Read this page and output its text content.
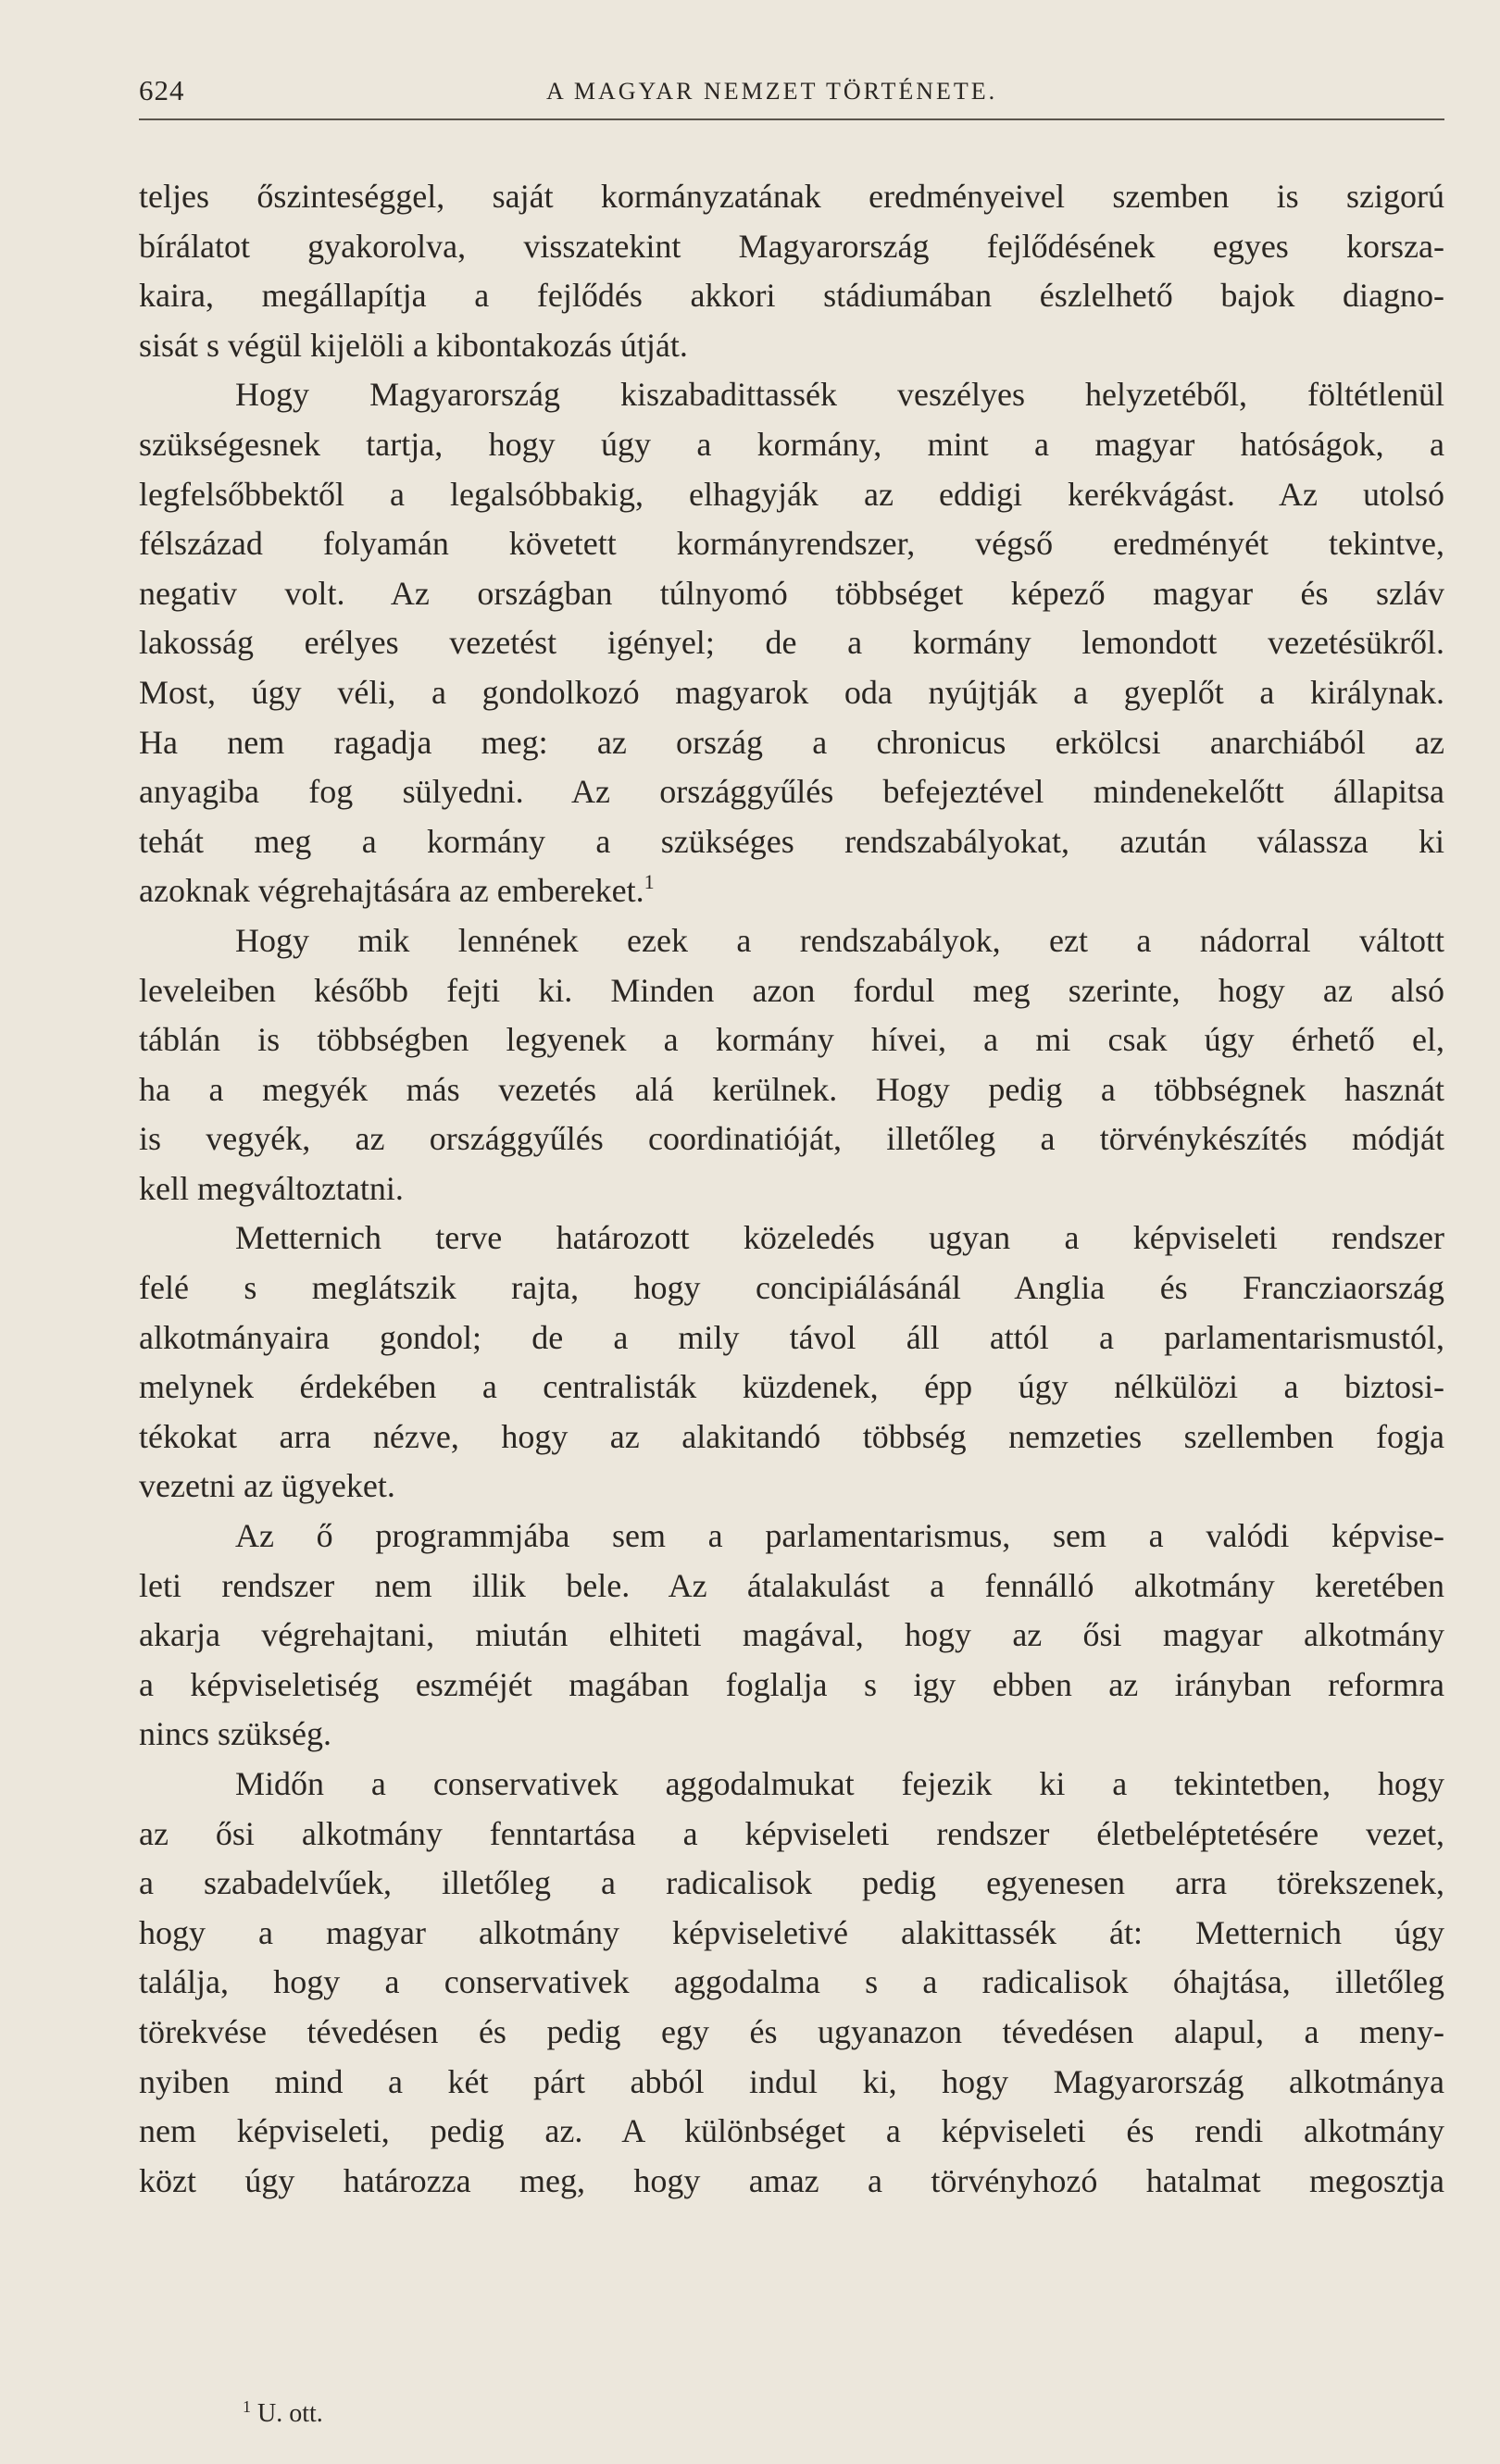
624	A MAGYAR NEMZET TÖRTÉNETE.
teljes őszinteséggel, saját kormányzatának eredményeivel szemben is szigorú
bírálatot gyakorolva, visszatekint Magyarország fejlődésének egyes korsza-
kaira, megállapítja a fejlődés akkori stádiumában észlelhető bajok diagno-
sisát s végül kijelöli a kibontakozás útját.
Hogy Magyarország kiszabadittassék veszélyes helyzetéből, föltétlenül
szükségesnek tartja, hogy úgy a kormány, mint a magyar hatóságok, a
legfelsőbbektől a legalsóbbakig, elhagyják az eddigi kerékvágást. Az utolsó
félszázad folyamán követett kormányrendszer, végső eredményét tekintve,
negativ volt. Az országban túlnyomó többséget képező magyar és szláv
lakosság erélyes vezetést igényel; de a kormány lemondott vezetésükről.
Most, úgy véli, a gondolkozó magyarok oda nyújtják a gyeplőt a királynak.
Ha nem ragadja meg: az ország a chronicus erkölcsi anarchiából az
anyagiba fog sülyedni. Az országgyűlés befejeztével mindenekelőtt állapitsa
tehát meg a kormány a szükséges rendszabályokat, azután válassza ki
azoknak végrehajtására az embereket.$^1$
Hogy mik lennének ezek a rendszabályok, ezt a nádorral váltott
leveleiben később fejti ki. Minden azon fordul meg szerinte, hogy az alsó
táblán is többségben legyenek a kormány hívei, a mi csak úgy érhető el,
ha a megyék más vezetés alá kerülnek. Hogy pedig a többségnek hasznát
is vegyék, az országgyűlés coordinatióját, illetőleg a törvénykészítés módját
kell megváltoztatni.
Metternich terve határozott közeledés ugyan a képviseleti rendszer
felé s meglátszik rajta, hogy concipiálásánál Anglia és Francziaország
alkotmányaira gondol; de a mily távol áll attól a parlamentarismustól,
melynek érdekében a centralisták küzdenek, épp úgy nélkülözi a biztosi-
tékokat arra nézve, hogy az alakitandó többség nemzeties szellemben fogja
vezetni az ügyeket.
Az ő programmjába sem a parlamentarismus, sem a valódi képvise-
leti rendszer nem illik bele. Az átalakulást a fennálló alkotmány keretében
akarja végrehajtani, miután elhiteti magával, hogy az ősi magyar alkotmány
a képviseletiség eszméjét magában foglalja s igy ebben az irányban reformra
nincs szükség.
Midőn a conservativek aggodalmukat fejezik ki a tekintetben, hogy
az ősi alkotmány fenntartása a képviseleti rendszer életbeléptetésére vezet,
a szabadelvűek, illetőleg a radicalisok pedig egyenesen arra törekszenek,
hogy a magyar alkotmány képviseletivé alakittassék át: Metternich úgy
találja, hogy a conservativek aggodalma s a radicalisok óhajtása, illetőleg
törekvése tévedésen és pedig egy és ugyanazon tévedésen alapul, a meny-
nyiben mind a két párt abból indul ki, hogy Magyarország alkotmánya
nem képviseleti, pedig az. A különbséget a képviseleti és rendi alkotmány
közt úgy határozza meg, hogy amaz a törvényhozó hatalmat megosztja
$^1$ U. ott.
